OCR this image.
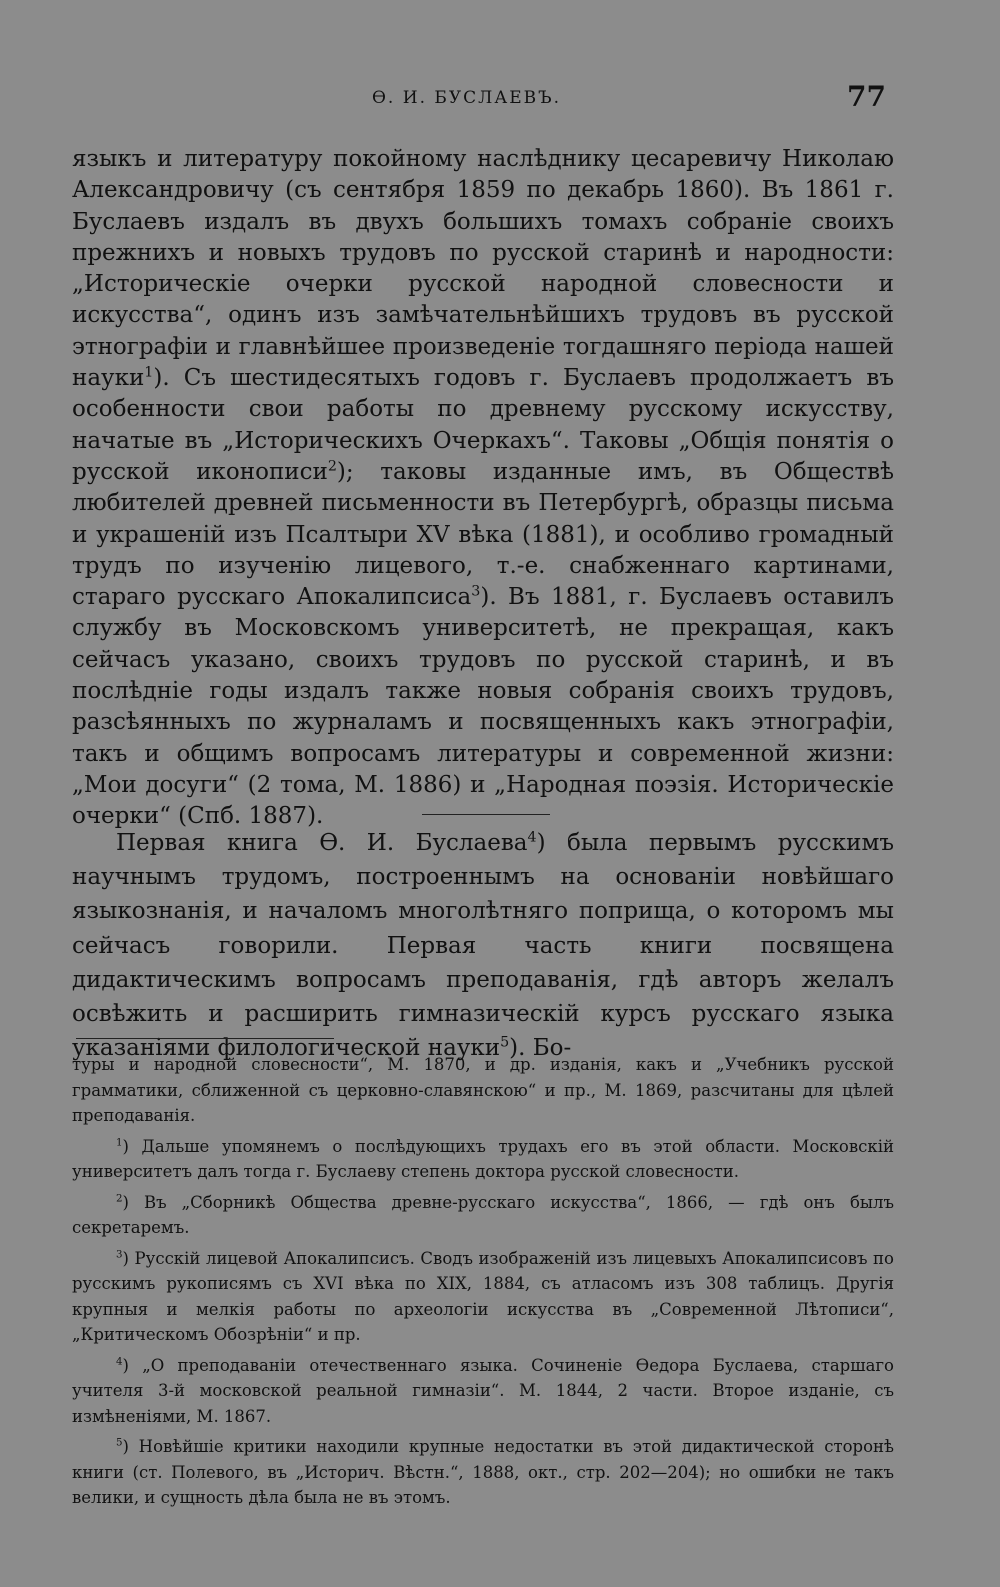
Ѳ. И. БУСЛАЕВЪ.	77

языкъ и литературу покойному наслѣднику цесаревичу Николаю Александровичу (съ сентября 1859 по декабрь 1860). Въ 1861 г. Буслаевъ издалъ въ двухъ большихъ томахъ собраніе своихъ прежнихъ и новыхъ трудовъ по русской старинѣ и народности: „Историческіе очерки русской народной словесности и искусства“, одинъ изъ замѣчательнѣйшихъ трудовъ въ русской этнографіи и главнѣйшее произведеніе тогдашняго періода нашей науки$^1$). Съ шестидесятыхъ годовъ г. Буслаевъ продолжаетъ въ особенности свои работы по древнему русскому искусству, начатые въ „Историческихъ Очеркахъ“. Таковы „Общія понятія о русской иконописи$^2$); таковы изданные имъ, въ Обществѣ любителей древней письменности въ Петербургѣ, образцы письма и украшеній изъ Псалтыри XV вѣка (1881), и особливо громадный трудъ по изученію лицевого, т.-е. снабженнаго картинами, стараго русскаго Апокалипсиса$^3$). Въ 1881, г. Буслаевъ оставилъ службу въ Московскомъ университетѣ, не прекращая, какъ сейчасъ указано, своихъ трудовъ по русской старинѣ, и въ послѣдніе годы издалъ также новыя собранія своихъ трудовъ, разсѣянныхъ по журналамъ и посвященныхъ какъ этнографіи, такъ и общимъ вопросамъ литературы и современной жизни: „Мои досуги“ (2 тома, М. 1886) и „Народная поэзія. Историческіе очерки“ (Спб. 1887).

Первая книга Ѳ. И. Буслаева$^4$) была первымъ русскимъ научнымъ трудомъ, построеннымъ на основаніи новѣйшаго языкознанія, и началомъ многолѣтняго поприща, о которомъ мы сейчасъ говорили. Первая часть книги посвящена дидактическимъ вопросамъ преподаванія, гдѣ авторъ желалъ освѣжить и расширить гимназическій курсъ русскаго языка указаніями филологической науки$^5$). Бо-

туры и народной словесности“, М. 1870, и др. изданія, какъ и „Учебникъ русской грамматики, сближенной съ церковно-славянскою“ и пр., М. 1869, разсчитаны для цѣлей преподаванія.

$^1$) Дальше упомянемъ о послѣдующихъ трудахъ его въ этой области. Московскій университетъ далъ тогда г. Буслаеву степень доктора русской словесности.

$^2$) Въ „Сборникѣ Общества древне-русскаго искусства“, 1866, — гдѣ онъ былъ секретаремъ.

$^3$) Русскій лицевой Апокалипсисъ. Сводъ изображеній изъ лицевыхъ Апокалипсисовъ по русскимъ рукописямъ съ XVI вѣка по XIX, 1884, съ атласомъ изъ 308 таблицъ. Другія крупныя и мелкія работы по археологіи искусства въ „Современной Лѣтописи“, „Критическомъ Обозрѣніи“ и пр.

$^4$) „О преподаваніи отечественнаго языка. Сочиненіе Ѳедора Буслаева, старшаго учителя 3-й московской реальной гимназіи“. М. 1844, 2 части. Второе изданіе, съ измѣненіями, М. 1867.

$^5$) Новѣйшіе критики находили крупные недостатки въ этой дидактической сторонѣ книги (ст. Полевого, въ „Историч. Вѣстн.“, 1888, окт., стр. 202—204); но ошибки не такъ велики, и сущность дѣла была не въ этомъ.
